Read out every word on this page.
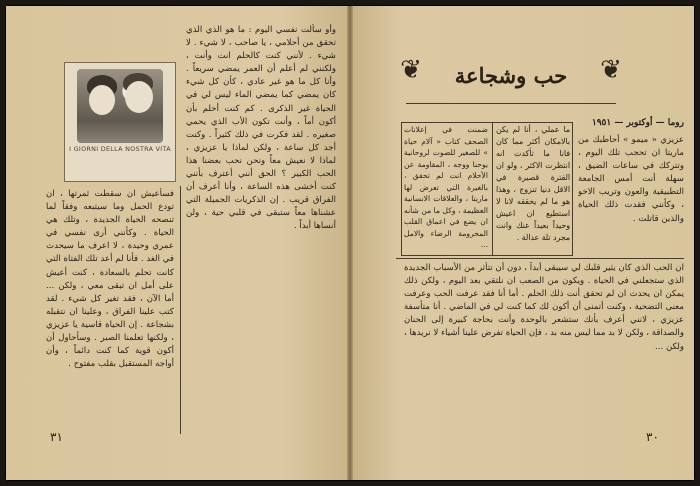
I GIORNI DELLA NOSTRA VITA
وأو سألت نفسي اليوم : ما هو الذي الذي تحقق من أحلامي ، يا صاحب ، لا شيء . لا شيء . لأنني كنت كالحلم انت وأنت ، ولكنني لم أعلم أن العمر يمضي سريعاً . وأنا كل ما هو غير عادي ، كأن كل شيء كان يمضي كما يمضي الماء ليس لي في الحياة غير الذكرى . كم كنت أحلم بأن أكون أماً ، وأنت تكون الأب الذي يحمي صغيره . لقد فكرت في ذلك كثيراً . وكنت أجد كل ساعة ، ولكن لماذا يا عزيزي ، لماذا لا نعيش معاً ونحن نحب بعضنا هذا الحب الكبير ؟ الحق أنني أعترف بأنني كنت أخشى هذه الساعة ، وأنا أعرف أن الفراق قريب . إن الذكريات الجميلة التي عشناها معاً ستبقى في قلبي حية ، ولن أنساها أبداً .
فسأعيش ان سقطت ثمرتها ، ان تودع الحمل وما سيتبعه وفقاً لما تنصحه الحياة الجديدة ، وتلك هي الحياة . وكأنني أرى نفسي في عمري وحيدة ، لا اعرف ما سيحدث في الغد . فأنا لم أعد تلك الفتاة التي كانت تحلم بالسعادة ، كنت أعيش على أمل ان تبقى معي ، ولكن ... أما الآن ، فقد تغير كل شيء . لقد كتب علينا الفراق ، وعلينا ان نتقبله بشجاعة . إن الحياة قاسية يا عزيزي ، ولكنها تعلمنا الصبر . وسأحاول أن أكون قوية كما كنت دائماً ، وأن أواجه المستقبل بقلب مفتوح .
٣١
❦
❦
حب وشجاعة
روما — أوكتوبر — ١٩٥١
عزيزي « ميمو » أحاطبك من ماريتا ان تحجب تلك اليوم ، وتتركك في ساعات الضيق ، سهلة أنت أمس الجامعة التطبيقية والعون وتريب الاخو ، وكأنني فقدت ذلك الحياة والذين قاتلت .
ضمنت في إعلانات الصحف كتاب « آلام حياة » للصغير للصوت لروحانية يوحنا ووجه ، المقاومة عن الأحلام انت لم تحقق ، بالغيرة التي تعرض لها ماريتا ، والعلاقات الانسانية العظيمة ، وكل ما من شأنه ان يضع في اعماق القلب المحرومة الرضاء والامل ...
ما عملي ، أنا لم يكن بالامكان أكثر مما كان فانا ما تأكدت انه انتظرت الاكثر ، ولو ان الفترة قصيرة في الاقل دنيا تنزوج ، وهذا هو ما لم يحققه لانا لا استطيع ان اعيش وحيداً بعيداً عنك وانت مجرد تلة عدالة .
ان الحب الذي كان يثير قلبك لي سيبقى أبداً ، دون أن تتأثر من الأسباب الجديدة الذي ستجعلني في الحياة . ويكون من الصعب ان نلتقي بعد اليوم ، ولكن ذلك يمكن ان يحدث ان لم تحقق أنت ذلك الحلم . أما أنا فقد عرفت الحب وعرفت معنى التضحية ، وكنت أتمنى أن أكون لك كما كنت لي في الماضي . أنا متأسفة عزيزي ، لانني أعرف بأنك ستشعر بالوحدة وأنت بحاجة كبيرة إلى الحنان والصداقة ، ولكن لا بد مما ليس منه بد ، فإن الحياة تفرض علينا أشياء لا نريدها ، ولكن ...
٣٠
